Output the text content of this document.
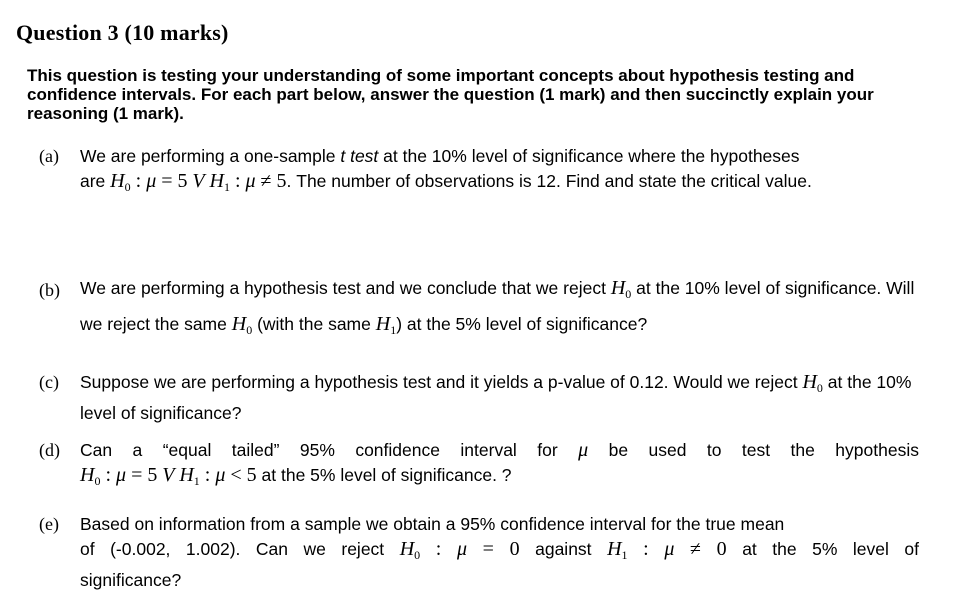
Question 3 (10 marks)
This question is testing your understanding of some important concepts about hypothesis testing and confidence intervals. For each part below, answer the question (1 mark) and then succinctly explain your reasoning (1 mark).
(a) We are performing a one-sample t test at the 10% level of significance where the hypotheses
are $H_0$ : μ = 5 V $H_1$ : μ ≠ 5. The number of observations is 12. Find and state the critical value.
(b) We are performing a hypothesis test and we conclude that we reject $H_0$ at the 10% level of significance. Will we reject the same $H_0$ (with the same $H_1$) at the 5% level of significance?
(c) Suppose we are performing a hypothesis test and it yields a p-value of 0.12. Would we reject $H_0$ at the 10% level of significance?
(d) Can a “equal tailed” 95% confidence interval for μ be used to test the hypothesis
$H_0$ : μ = 5 V $H_1$ : μ < 5 at the 5% level of significance. ?
(e) Based on information from a sample we obtain a 95% confidence interval for the true mean
of (-0.002, 1.002). Can we reject $H_0$ : μ = 0 against $H_1$ : μ ≠ 0 at the 5% level of
significance?
